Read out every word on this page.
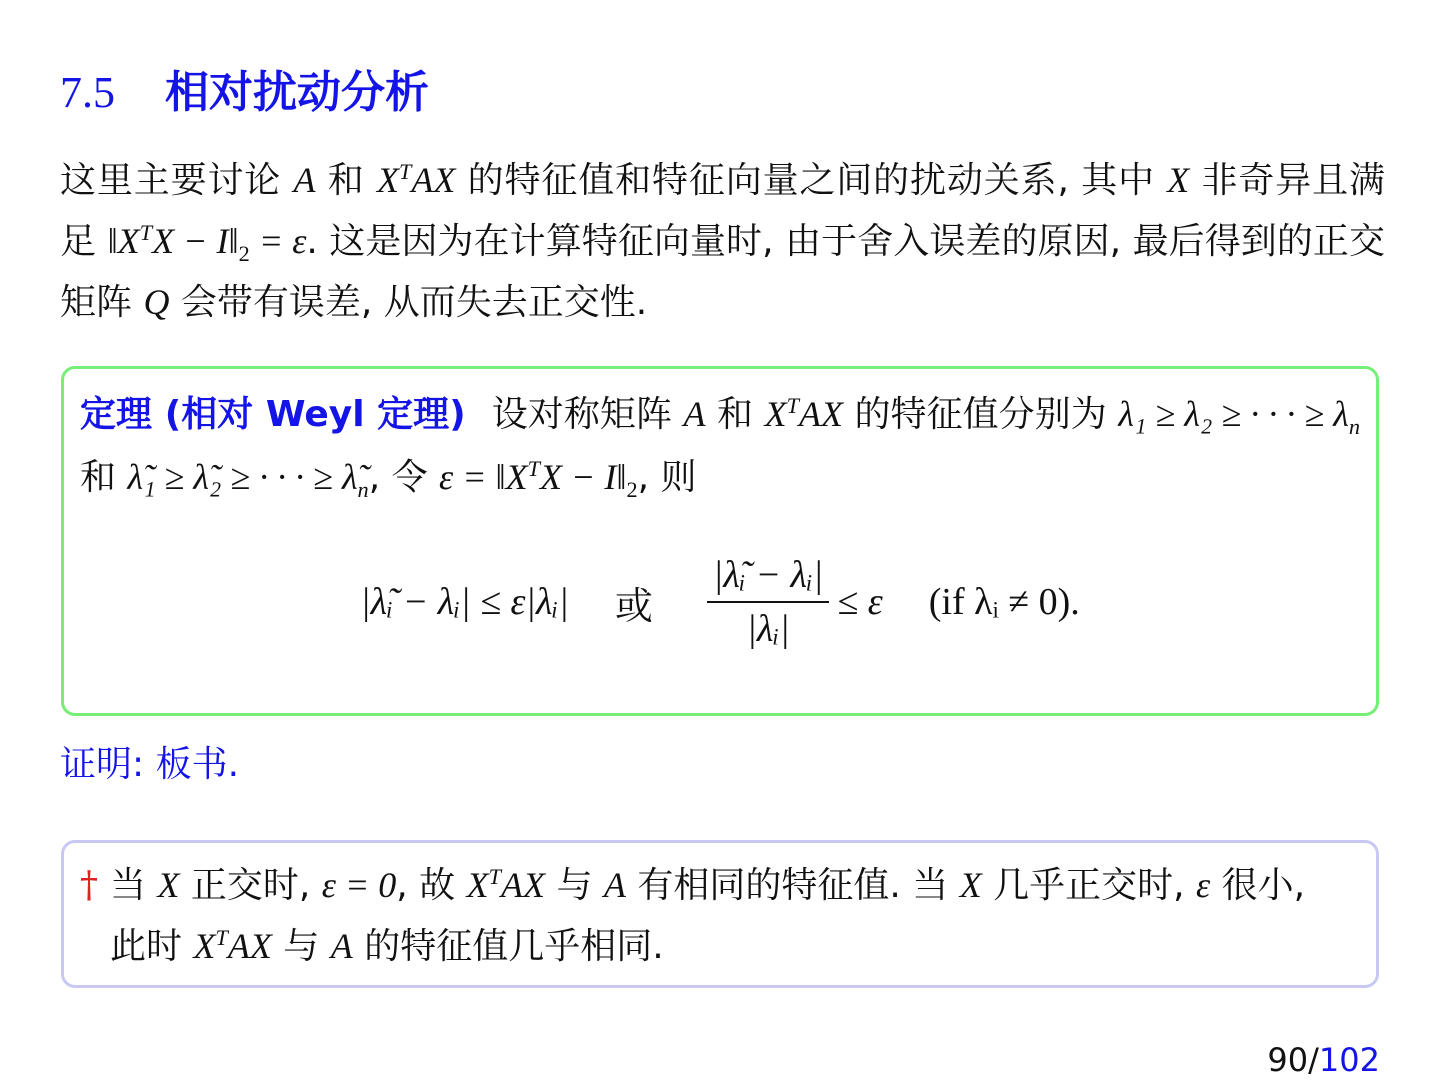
7.5 相对扰动分析
这里主要讨论 A 和 $X^TAX$ 的特征值和特征向量之间的扰动关系, 其中 X 非奇异且满足 $‖X^TX$ − $I‖_2 = \varepsilon$. 这是因为在计算特征向量时, 由于舍入误差的原因, 最后得到的正交矩阵 Q 会带有误差, 从而失去正交性.
定理 (相对 Weyl 定理) 设对称矩阵 A 和 $X^TAX$ 的特征值分别为 λ₁ ≥ λ₂ ≥ · · · ≥ $\lambda_n$ 和 λ̃₁ ≥ λ̃₂ ≥ · · · ≥ $\lambdã_n$, 令 $\varepsilon = ‖X^TX$ − $I‖_2$, 则
|λ̃ᵢ − λᵢ| ≤ ε|λᵢ| 或 $\frac{\text{|λ̃ᵢ − λᵢ|}}{\text{|λᵢ|}} \le \varepsilon$ (if λᵢ ≠ 0).
证明: 板书.
† 当 X 正交时, ε = 0, 故 $X^TAX$ 与 A 有相同的特征值. 当 X 几乎正交时, ε 很小, 此时 $X^TAX$ 与 A 的特征值几乎相同.
90/102
